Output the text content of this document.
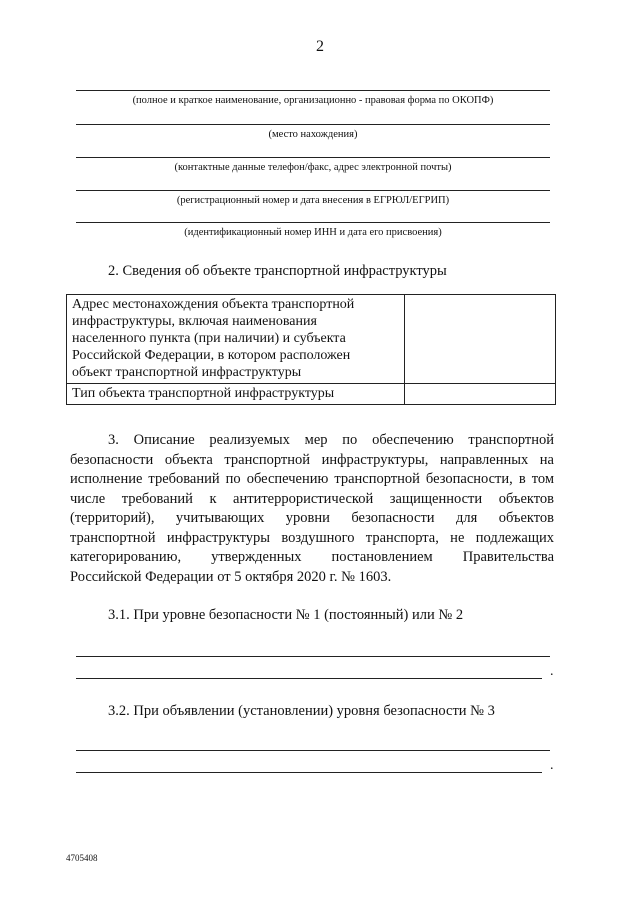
2
(полное и краткое наименование, организационно - правовая форма по ОКОПФ)
(место нахождения)
(контактные данные телефон/факс, адрес электронной почты)
(регистрационный номер и дата внесения в ЕГРЮЛ/ЕГРИП)
(идентификационный номер ИНН и дата его присвоения)
2. Сведения об объекте транспортной инфраструктуры
Адрес местонахождения объекта транспортной
инфраструктуры, включая наименования
населенного пункта (при наличии) и субъекта
Российской Федерации, в котором расположен
объект транспортной инфраструктуры	

Тип объекта транспортной инфраструктуры	

3. Описание реализуемых мер по обеспечению транспортной
безопасности объекта транспортной инфраструктуры, направленных на
исполнение требований по обеспечению транспортной безопасности, в том
числе требований к антитеррористической защищенности объектов
(территорий), учитывающих уровни безопасности для объектов
транспортной инфраструктуры воздушного транспорта, не подлежащих
категорированию, утвержденных постановлением Правительства
Российской Федерации от 5 октября 2020 г. № 1603.
3.1. При уровне безопасности № 1 (постоянный) или № 2
.
3.2. При объявлении (установлении) уровня безопасности № 3
.
4705408
